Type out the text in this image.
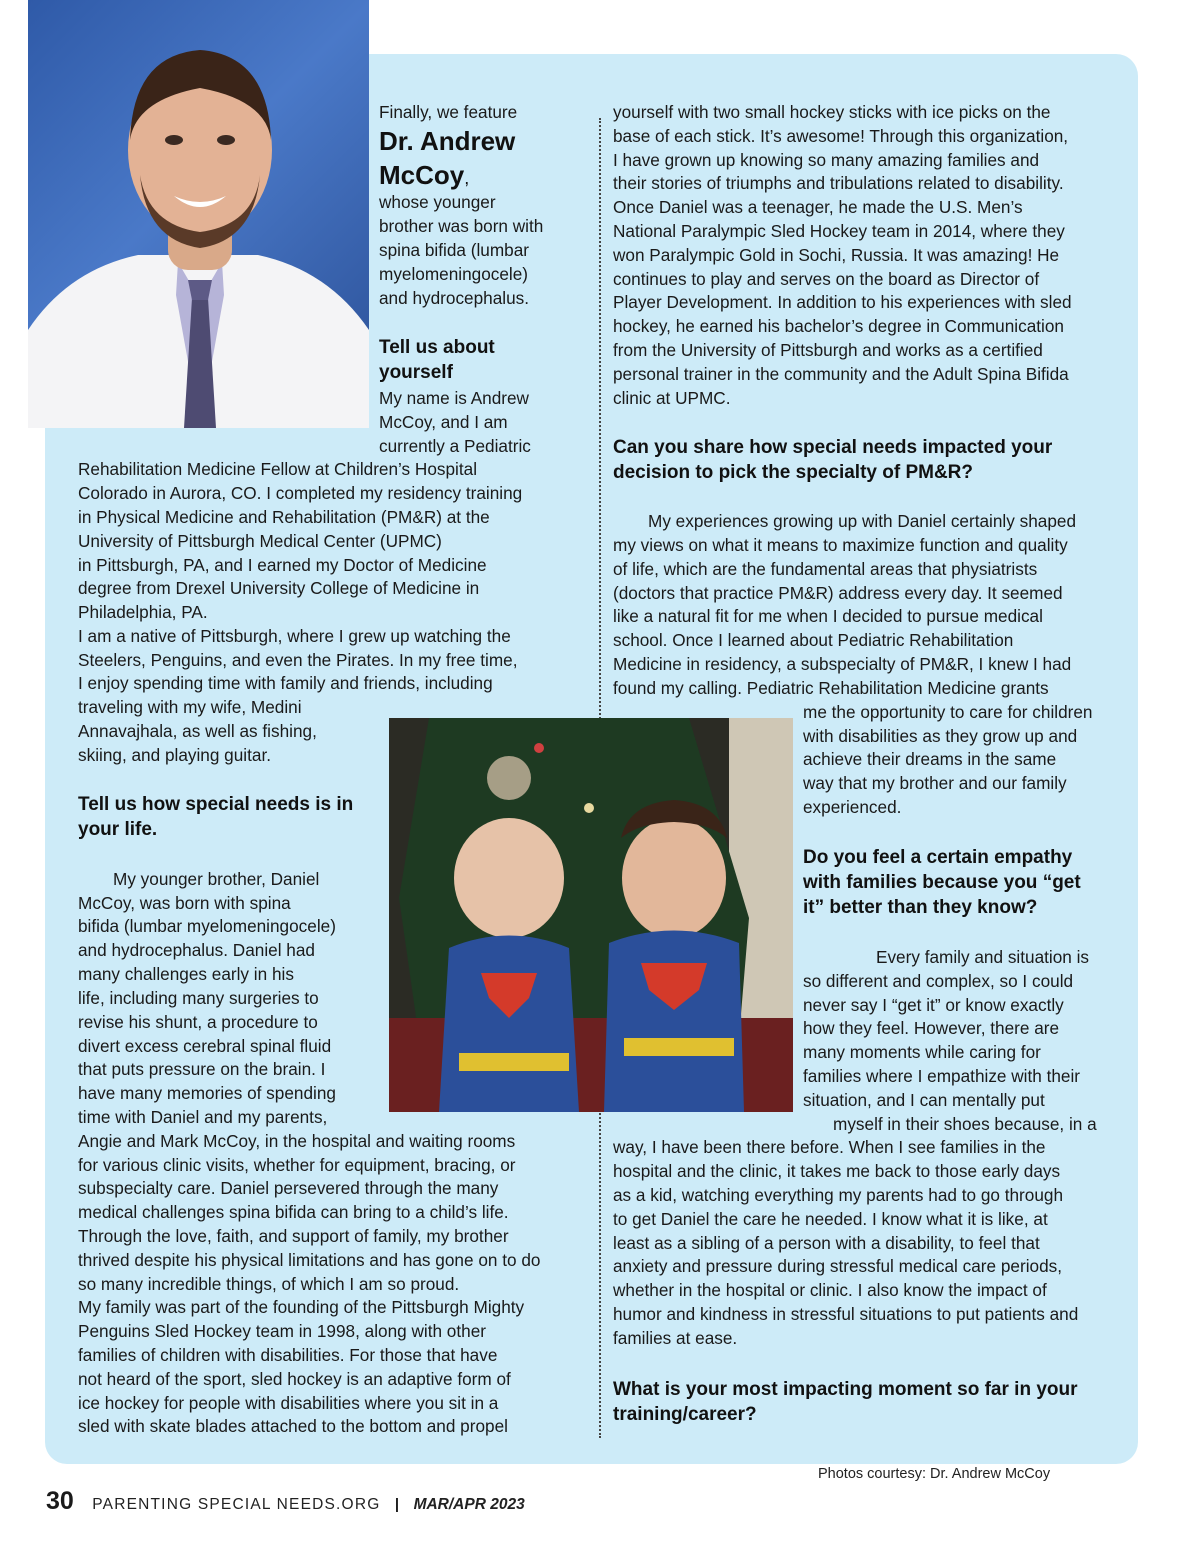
Finally, we feature

Dr. Andrew

McCoy,

whose younger

brother was born with

spina bifida (lumbar

myelomeningocele)

and hydrocephalus.

Tell us about

yourself

My name is Andrew

McCoy, and I am

currently a Pediatric

Rehabilitation Medicine Fellow at Children’s Hospital

Colorado in Aurora, CO. I completed my residency training

in Physical Medicine and Rehabilitation (PM&R) at the

University of Pittsburgh Medical Center (UPMC)

in Pittsburgh, PA, and I earned my Doctor of Medicine

degree from Drexel University College of Medicine in

Philadelphia, PA.

I am a native of Pittsburgh, where I grew up watching the

Steelers, Penguins, and even the Pirates. In my free time,

I enjoy spending time with family and friends, including

traveling with my wife, Medini

Annavajhala, as well as fishing,

skiing, and playing guitar.

Tell us how special needs is in

your life.

My younger brother, Daniel

McCoy, was born with spina

bifida (lumbar myelomeningocele)

and hydrocephalus. Daniel had

many challenges early in his

life, including many surgeries to

revise his shunt, a procedure to

divert excess cerebral spinal fluid

that puts pressure on the brain. I

have many memories of spending

time with Daniel and my parents,

Angie and Mark McCoy, in the hospital and waiting rooms

for various clinic visits, whether for equipment, bracing, or

subspecialty care. Daniel persevered through the many

medical challenges spina bifida can bring to a child’s life.

Through the love, faith, and support of family, my brother

thrived despite his physical limitations and has gone on to do

so many incredible things, of which I am so proud.

My family was part of the founding of the Pittsburgh Mighty

Penguins Sled Hockey team in 1998, along with other

families of children with disabilities. For those that have

not heard of the sport, sled hockey is an adaptive form of

ice hockey for people with disabilities where you sit in a

sled with skate blades attached to the bottom and propel

yourself with two small hockey sticks with ice picks on the

base of each stick. It’s awesome! Through this organization,

I have grown up knowing so many amazing families and

their stories of triumphs and tribulations related to disability.

Once Daniel was a teenager, he made the U.S. Men’s

National Paralympic Sled Hockey team in 2014, where they

won Paralympic Gold in Sochi, Russia. It was amazing! He

continues to play and serves on the board as Director of

Player Development. In addition to his experiences with sled

hockey, he earned his bachelor’s degree in Communication

from the University of Pittsburgh and works as a certified

personal trainer in the community and the Adult Spina Bifida

clinic at UPMC.

Can you share how special needs impacted your

decision to pick the specialty of PM&R?

My experiences growing up with Daniel certainly shaped

my views on what it means to maximize function and quality

of life, which are the fundamental areas that physiatrists

(doctors that practice PM&R) address every day. It seemed

like a natural fit for me when I decided to pursue medical

school. Once I learned about Pediatric Rehabilitation

Medicine in residency, a subspecialty of PM&R, I knew I had

found my calling. Pediatric Rehabilitation Medicine grants

me the opportunity to care for children

with disabilities as they grow up and

achieve their dreams in the same

way that my brother and our family

experienced.

Do you feel a certain empathy

with families because you “get

it” better than they know?

Every family and situation is

so different and complex, so I could

never say I “get it” or know exactly

how they feel. However, there are

many moments while caring for

families where I empathize with their

situation, and I can mentally put

myself in their shoes because, in a

way, I have been there before. When I see families in the

hospital and the clinic, it takes me back to those early days

as a kid, watching everything my parents had to go through

to get Daniel the care he needed. I know what it is like, at

least as a sibling of a person with a disability, to feel that

anxiety and pressure during stressful medical care periods,

whether in the hospital or clinic. I also know the impact of

humor and kindness in stressful situations to put patients and

families at ease.

What is your most impacting moment so far in your

training/career?

Photos courtesy: Dr. Andrew McCoy
30 PARENTING SPECIAL NEEDS.ORG | MAR/APR 2023
